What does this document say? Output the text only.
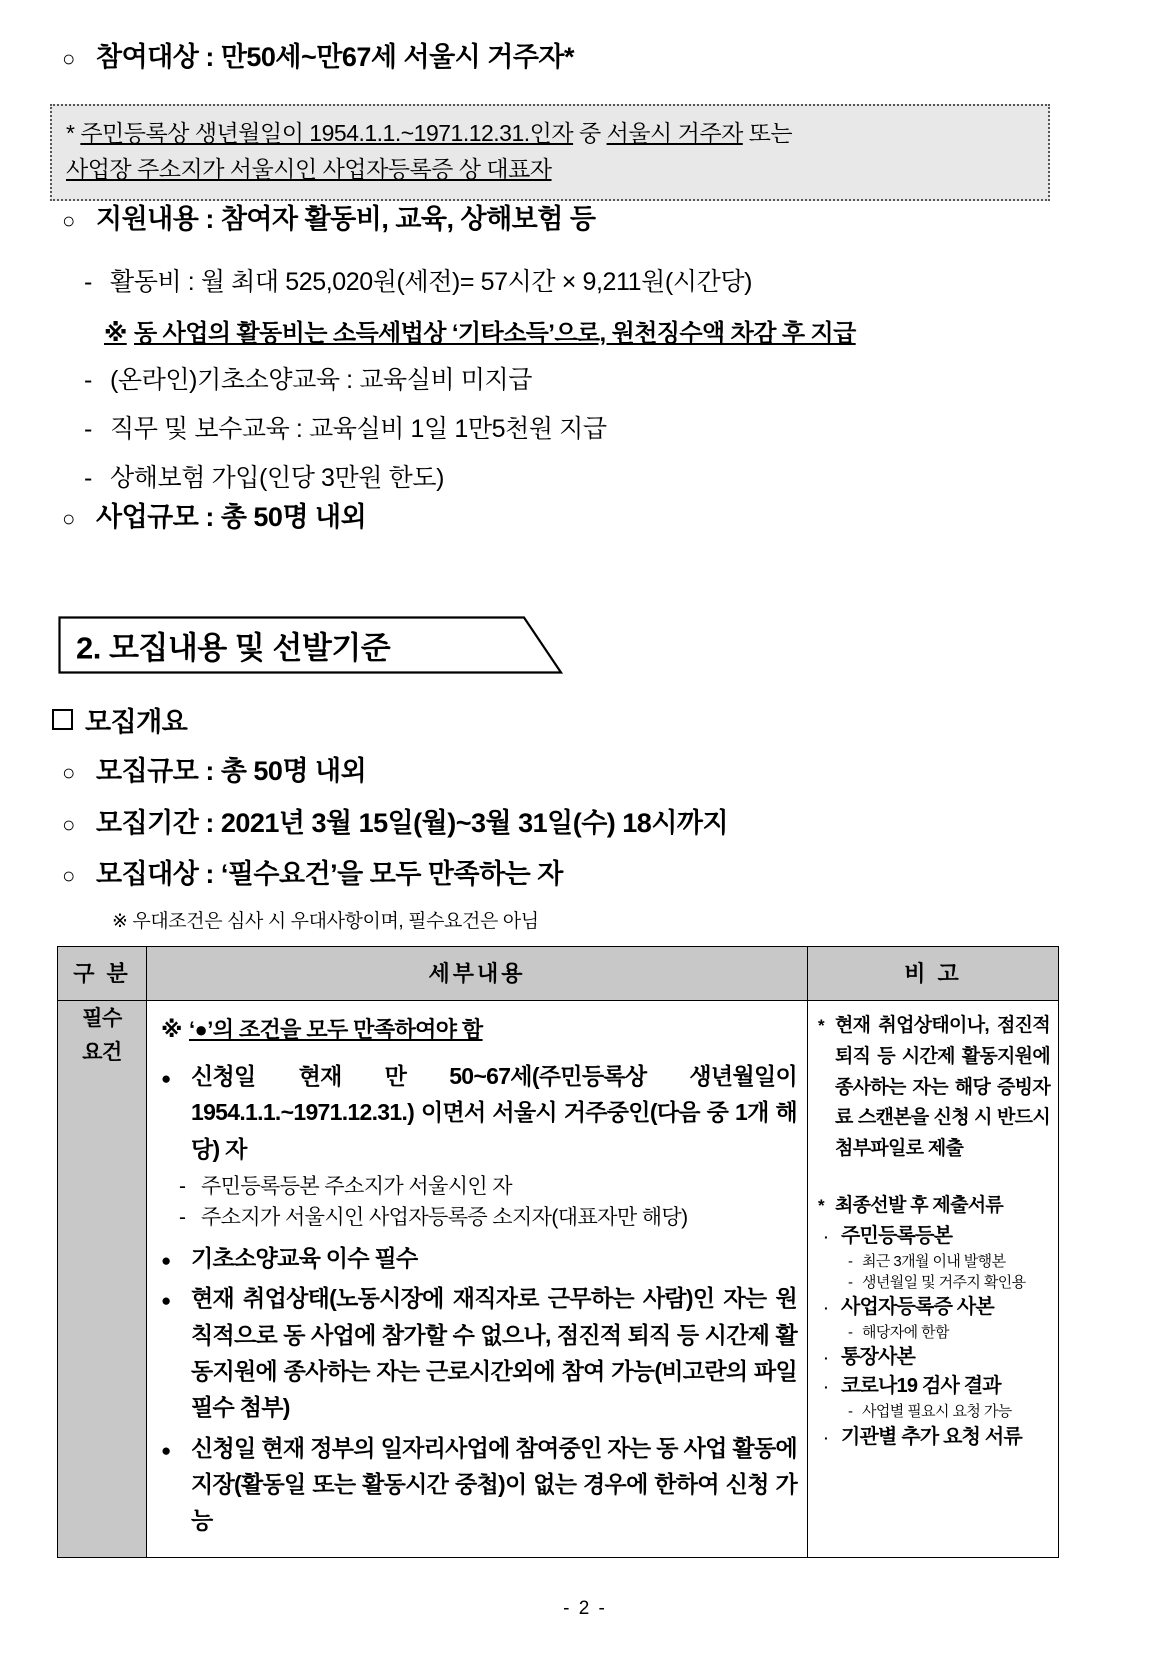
○ 참여대상 : 만50세~만67세 서울시 거주자*
* 주민등록상 생년월일이 1954.1.1.~1971.12.31.인자 중 서울시 거주자 또는
사업장 주소지가 서울시인 사업자등록증 상 대표자
○ 지원내용 : 참여자 활동비, 교육, 상해보험 등
- 활동비 : 월 최대 525,020원(세전)= 57시간 × 9,211원(시간당)
※ 동 사업의 활동비는 소득세법상 ‘기타소득’으로, 원천징수액 차감 후 지급
- (온라인)기초소양교육 : 교육실비 미지급
- 직무 및 보수교육 : 교육실비 1일 1만5천원 지급
- 상해보험 가입(인당 3만원 한도)
○ 사업규모 : 총 50명 내외
2. 모집내용 및 선발기준
모집개요
○ 모집규모 : 총 50명 내외
○ 모집기간 : 2021년 3월 15일(월)~3월 31일(수) 18시까지
○ 모집대상 : ‘필수요건’을 모두 만족하는 자
※ 우대조건은 심사 시 우대사항이며, 필수요건은 아님
구 분	세부내용	비 고

필수
요건

※ ‘●’의 조건을 모두 만족하여야 함
● 신청일 현재 만 50~67세(주민등록상 생년월일이 1954.1.1.~1971.12.31.) 이면서 서울시 거주중인(다음 중 1개 해당) 자
- 주민등록등본 주소지가 서울시인 자
- 주소지가 서울시인 사업자등록증 소지자(대표자만 해당)
● 기초소양교육 이수 필수
● 현재 취업상태(노동시장에 재직자로 근무하는 사람)인 자는 원칙적으로 동 사업에 참가할 수 없으나, 점진적 퇴직 등 시간제 활동지원에 종사하는 자는 근로시간외에 참여 가능(비고란의 파일 필수 첨부)
● 신청일 현재 정부의 일자리사업에 참여중인 자는 동 사업 활동에 지장(활동일 또는 활동시간 중첩)이 없는 경우에 한하여 신청 가능

* 현재 취업상태이나, 점진적 퇴직 등 시간제 활동지원에 종사하는 자는 해당 증빙자료 스캔본을 신청 시 반드시 첨부파일로 제출
* 최종선발 후 제출서류
· 주민등록등본
- 최근 3개월 이내 발행본
- 생년월일 및 거주지 확인용
· 사업자등록증 사본
- 해당자에 한함
· 통장사본
· 코로나19 검사 결과
- 사업별 필요시 요청 가능
· 기관별 추가 요청 서류
- 2 -
